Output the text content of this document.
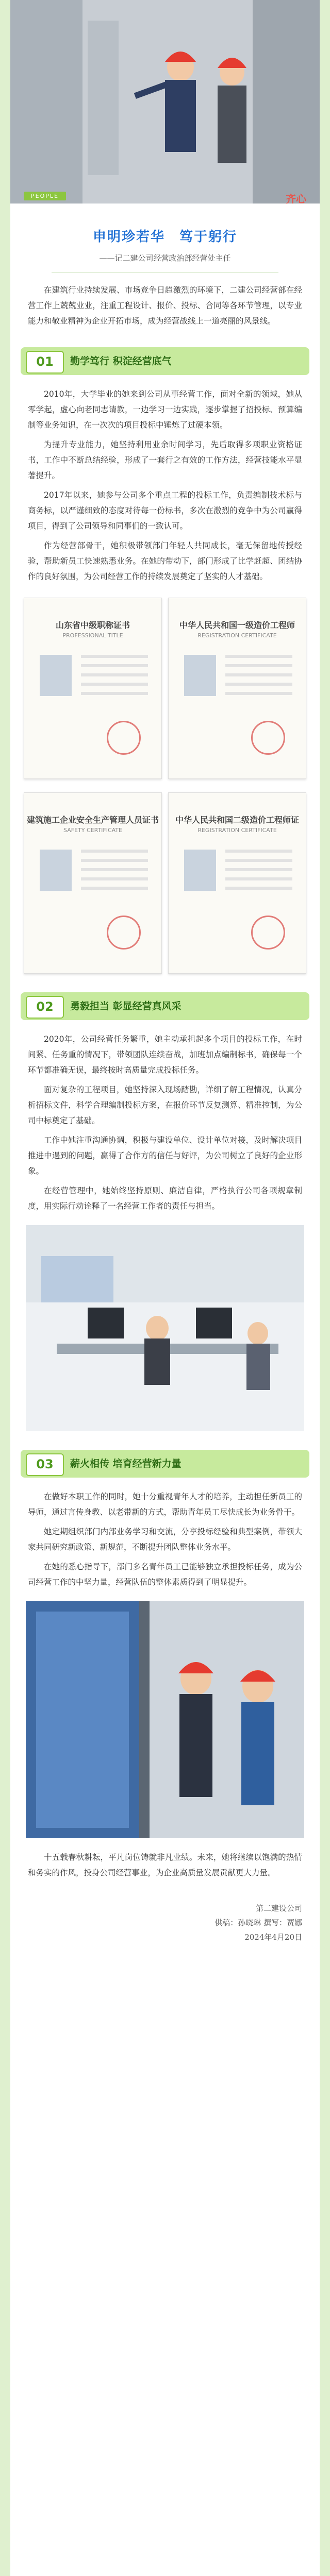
PEOPLE	齐心
申明珍若华 笃于躬行
——记二建公司经营政治部经营处主任

在建筑行业持续发展、市场竞争日趋激烈的环境下，二建公司经营部在经营工作上兢兢业业，注重工程设计、报价、投标、合同等各环节管理，以专业能力和敬业精神为企业开拓市场，成为经营战线上一道亮丽的风景线。

01	勤学笃行 积淀经营底气

2010年，大学毕业的她来到公司从事经营工作，面对全新的领域，她从零学起，虚心向老同志请教，一边学习一边实践，逐步掌握了招投标、预算编制等业务知识，在一次次的项目投标中锤炼了过硬本领。

为提升专业能力，她坚持利用业余时间学习，先后取得多项职业资格证书，工作中不断总结经验，形成了一套行之有效的工作方法，经营技能水平显著提升。

2017年以来，她参与公司多个重点工程的投标工作，负责编制技术标与商务标，以严谨细致的态度对待每一份标书，多次在激烈的竞争中为公司赢得项目，得到了公司领导和同事们的一致认可。

作为经营部骨干，她积极带领部门年轻人共同成长，毫无保留地传授经验，帮助新员工快速熟悉业务。在她的带动下，部门形成了比学赶超、团结协作的良好氛围，为公司经营工作的持续发展奠定了坚实的人才基础。

山东省中级职称证书
PROFESSIONAL TITLE
中华人民共和国一级造价工程师
REGISTRATION CERTIFICATE
建筑施工企业安全生产管理人员证书
SAFETY CERTIFICATE
中华人民共和国二级造价工程师证
REGISTRATION CERTIFICATE
02	勇毅担当 彰显经营真风采

2020年，公司经营任务繁重，她主动承担起多个项目的投标工作，在时间紧、任务重的情况下，带领团队连续奋战，加班加点编制标书，确保每一个环节都准确无误，最终按时高质量完成投标任务。

面对复杂的工程项目，她坚持深入现场踏勘，详细了解工程情况，认真分析招标文件，科学合理编制投标方案，在报价环节反复测算、精准控制，为公司中标奠定了基础。

工作中她注重沟通协调，积极与建设单位、设计单位对接，及时解决项目推进中遇到的问题，赢得了合作方的信任与好评，为公司树立了良好的企业形象。

在经营管理中，她始终坚持原则、廉洁自律，严格执行公司各项规章制度，用实际行动诠释了一名经营工作者的责任与担当。

03	薪火相传 培育经营新力量

在做好本职工作的同时，她十分重视青年人才的培养，主动担任新员工的导师，通过言传身教、以老带新的方式，帮助青年员工尽快成长为业务骨干。

她定期组织部门内部业务学习和交流，分享投标经验和典型案例，带领大家共同研究新政策、新规范，不断提升团队整体业务水平。

在她的悉心指导下，部门多名青年员工已能够独立承担投标任务，成为公司经营工作的中坚力量，经营队伍的整体素质得到了明显提升。

十五载春秋耕耘，平凡岗位铸就非凡业绩。未来，她将继续以饱满的热情和务实的作风，投身公司经营事业，为企业高质量发展贡献更大力量。

第二建设公司
供稿：孙晓琳 撰写：贾娜
2024年4月20日
